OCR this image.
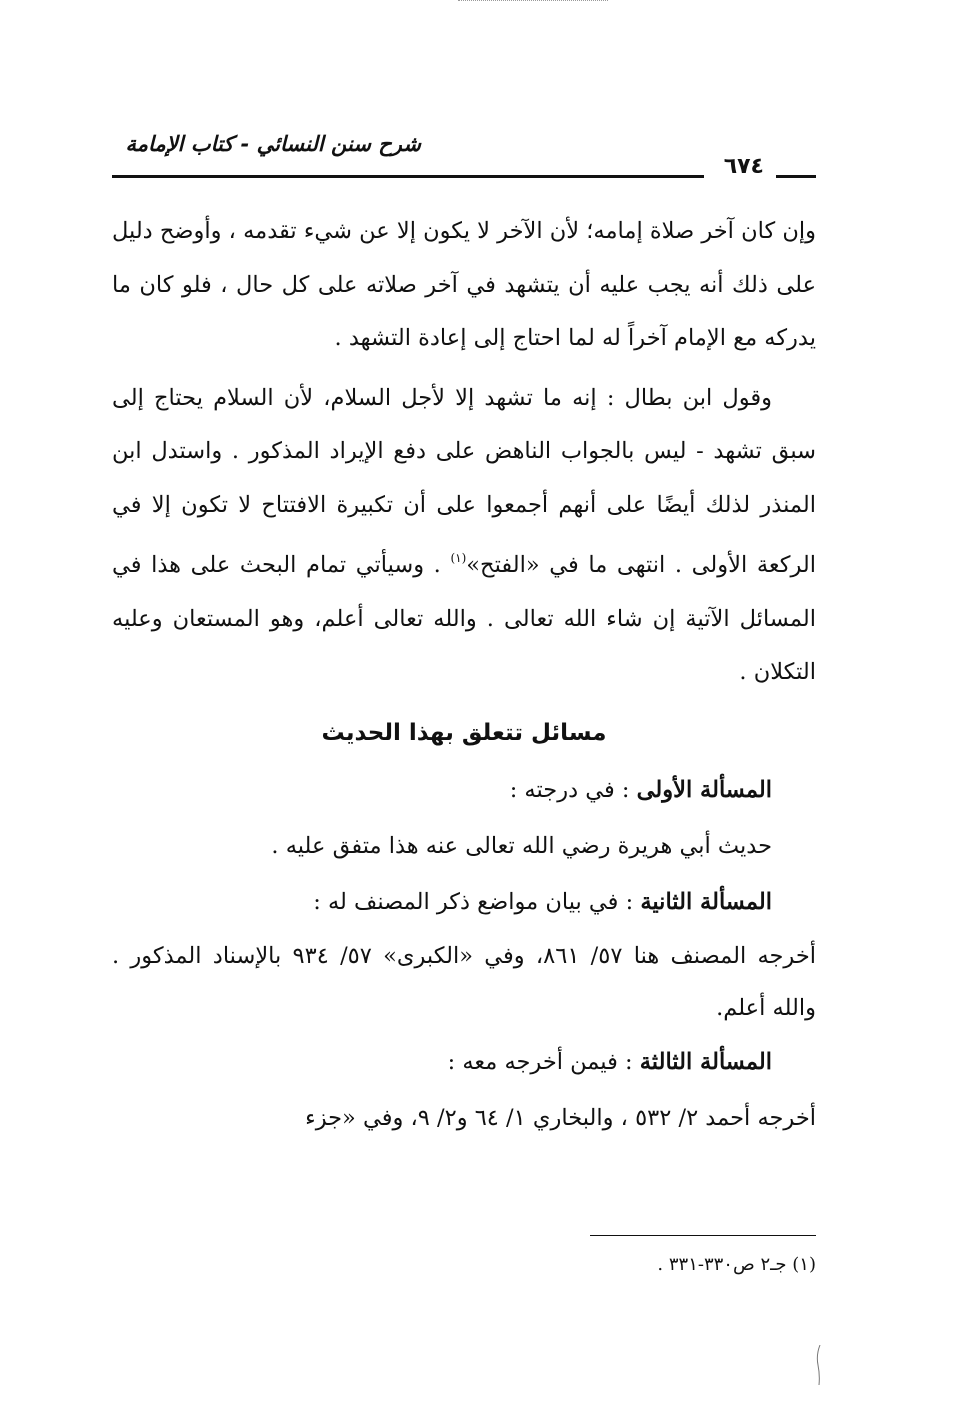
شرح سنن النسائي - كتاب الإمامة
٦٧٤

وإن كان آخر صلاة إمامه؛ لأن الآخر لا يكون إلا عن شيء تقدمه ، وأوضح دليل على ذلك أنه يجب عليه أن يتشهد في آخر صلاته على كل حال ، فلو كان ما يدركه مع الإمام آخراً له لما احتاج إلى إعادة التشهد .

وقول ابن بطال : إنه ما تشهد إلا لأجل السلام، لأن السلام يحتاج إلى سبق تشهد - ليس بالجواب الناهض على دفع الإيراد المذكور . واستدل ابن المنذر لذلك أيضًا على أنهم أجمعوا على أن تكبيرة الافتتاح لا تكون إلا في الركعة الأولى . انتهى ما في «الفتح»$^{(١)}$ . وسيأتي تمام البحث على هذا في المسائل الآتية إن شاء الله تعالى . والله تعالى أعلم، وهو المستعان وعليه التكلان .

مسائل تتعلق بهذا الحديث

المسألة الأولى : في درجته :

حديث أبي هريرة رضي الله تعالى عنه هذا متفق عليه .

المسألة الثانية : في بيان مواضع ذكر المصنف له :

أخرجه المصنف هنا ٥٧/ ٨٦١، وفي «الكبرى» ٥٧/ ٩٣٤ بالإسناد المذكور . والله أعلم.

المسألة الثالثة : فيمن أخرجه معه :

أخرجه أحمد ٢/ ٥٣٢ ، والبخاري ١/ ٦٤ و٢/ ٩، وفي «جزء

(١) جـ٢ ص٣٣٠-٣٣١ .
